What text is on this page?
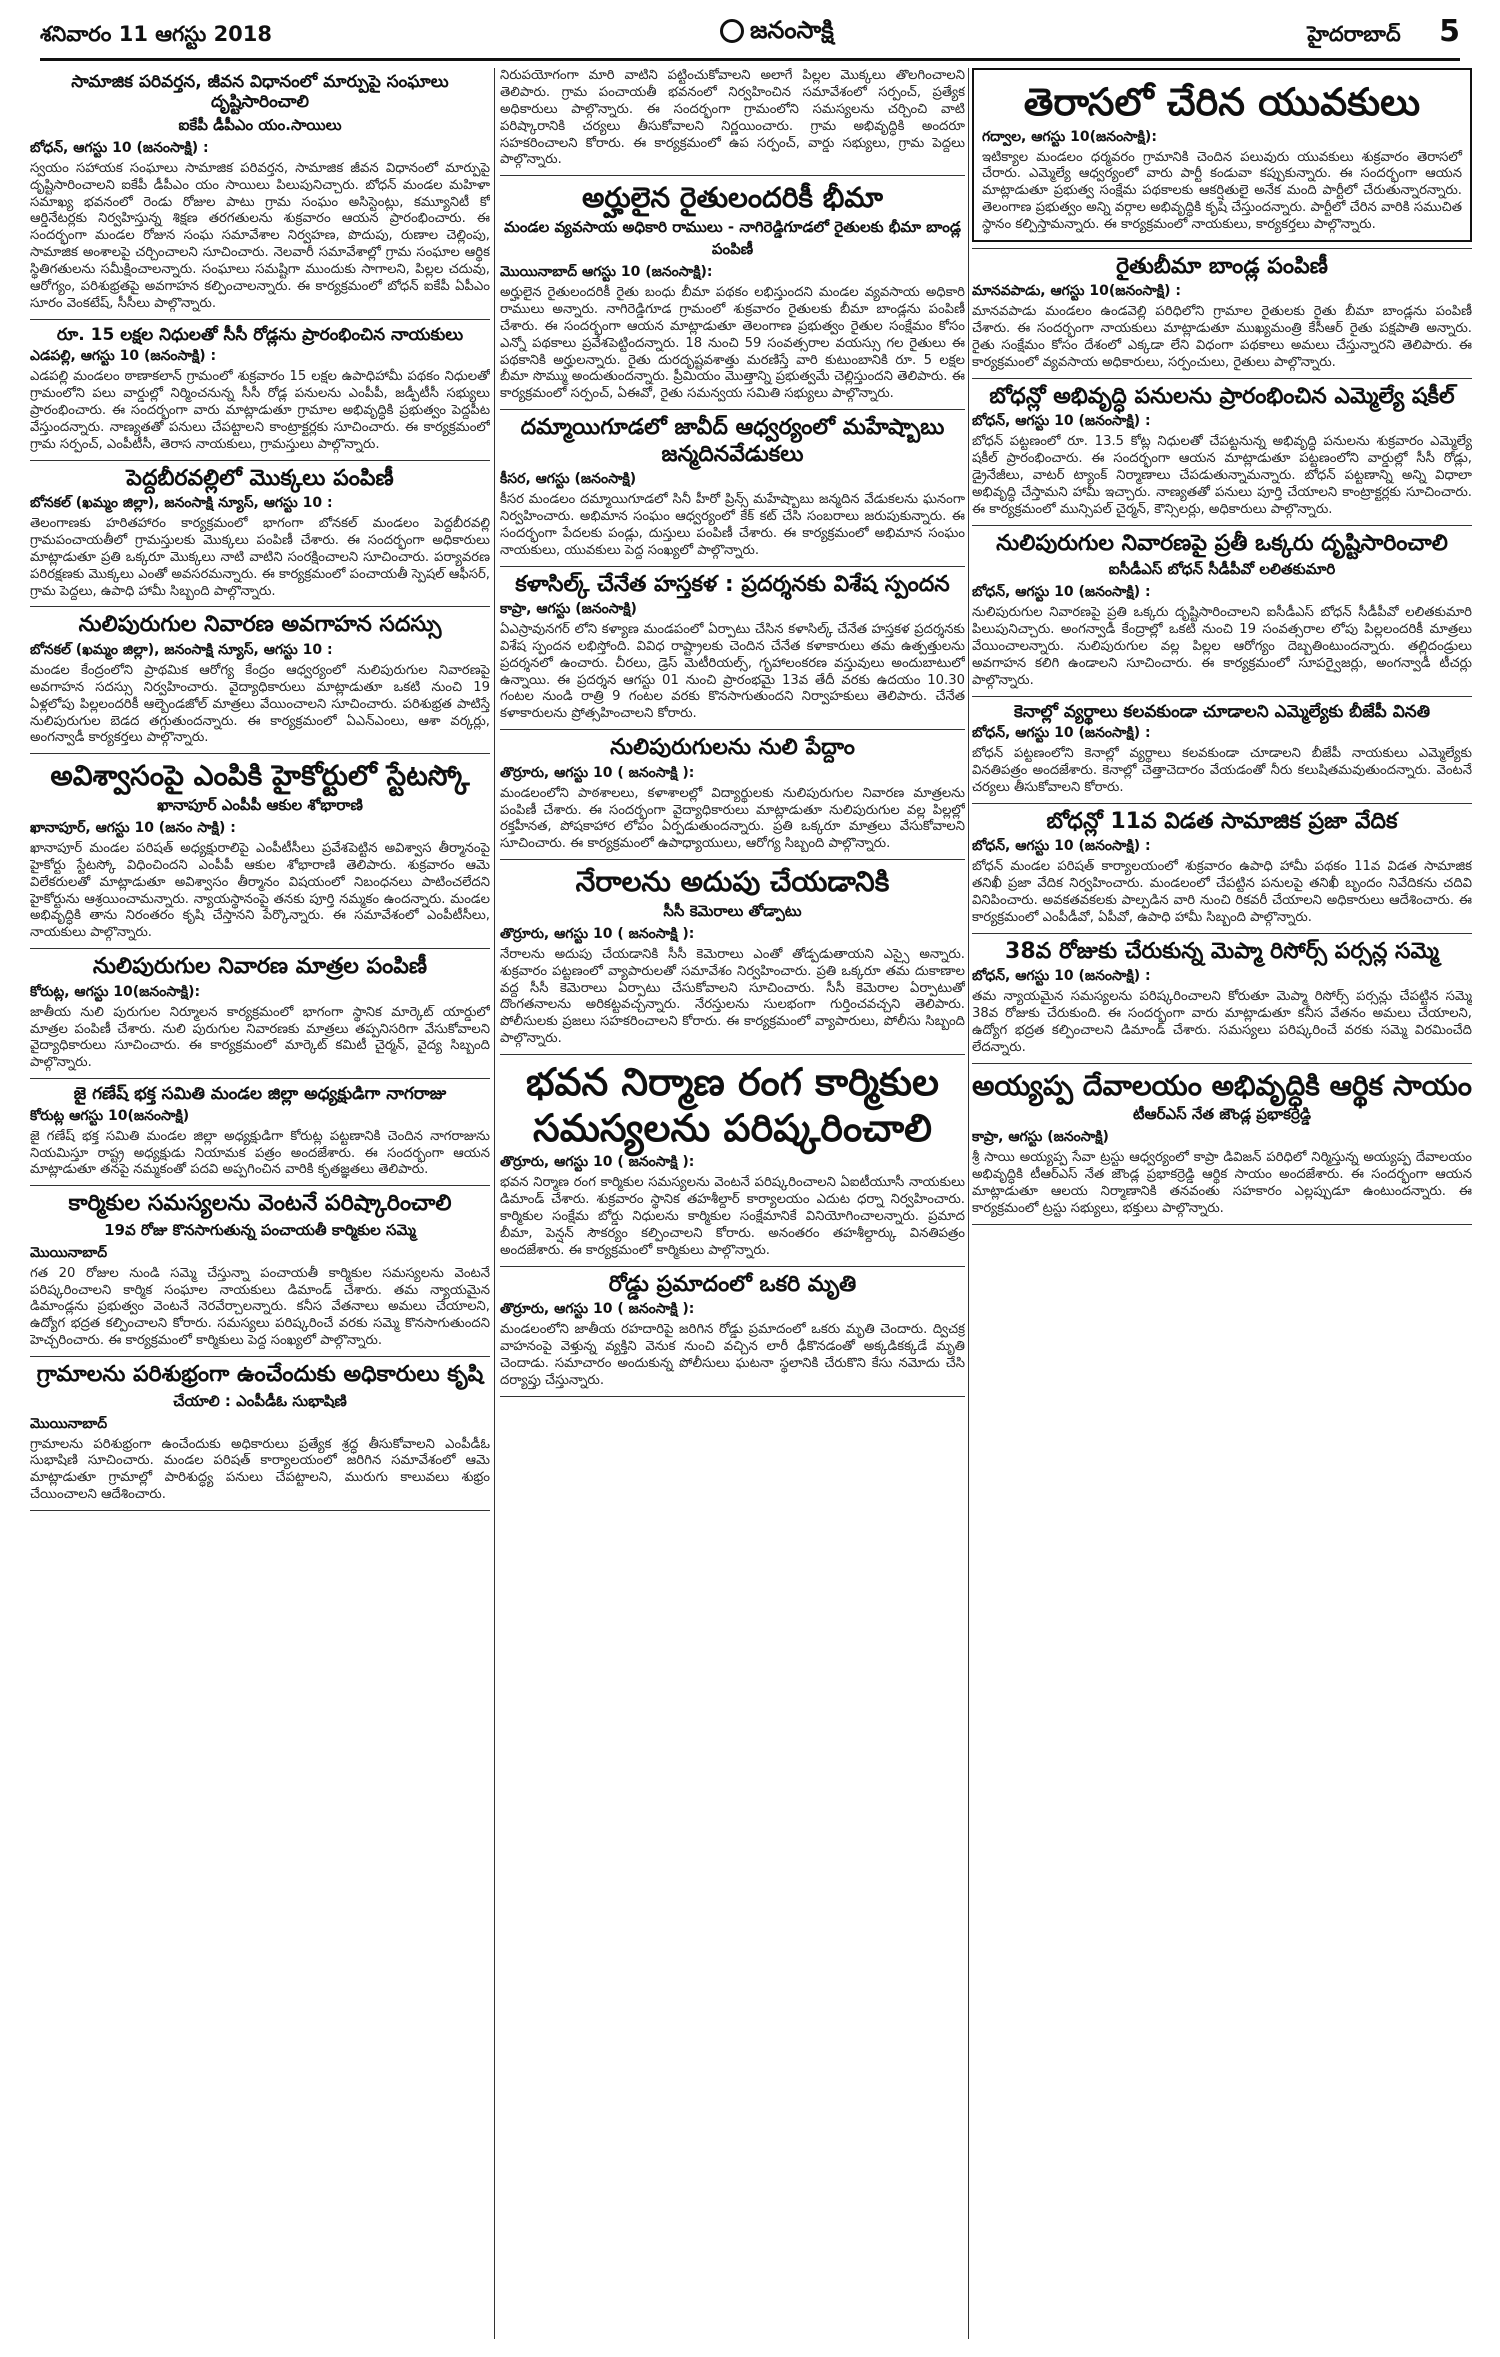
శనివారం 11 ఆగస్టు 2018	జనంసాక్షి	హైదరాబాద్	5
సామాజిక పరివర్తన, జీవన విధానంలో మార్పుపై సంఘాలు దృష్టిసారించాలి
ఐకేపీ డీపీఎం యం.సాయిలు
బోధన్, ఆగస్టు 10 (జనంసాక్షి) :

స్వయం సహాయక సంఘాలు సామాజిక పరివర్తన, సామాజిక జీవన విధానంలో మార్పుపై దృష్టిసారించాలని ఐకేపీ డీపీఎం యం సాయిలు పిలుపునిచ్చారు. బోధన్ మండల మహిళా సమాఖ్య భవనంలో రెండు రోజుల పాటు గ్రామ సంఘం అసిస్టెంట్లు, కమ్యూనిటీ కో ఆర్డినేటర్లకు నిర్వహిస్తున్న శిక్షణ తరగతులను శుక్రవారం ఆయన ప్రారంభించారు. ఈ సందర్భంగా మండల రోజున సంఘ సమావేశాల నిర్వహణ, పొదుపు, రుణాల చెల్లింపు, సామాజిక అంశాలపై చర్చించాలని సూచించారు. నెలవారీ సమావేశాల్లో గ్రామ సంఘాల ఆర్థిక స్థితిగతులను సమీక్షించాలన్నారు. సంఘాలు సమష్టిగా ముందుకు సాగాలని, పిల్లల చదువు, ఆరోగ్యం, పరిశుభ్రతపై అవగాహన కల్పించాలన్నారు. ఈ కార్యక్రమంలో బోధన్ ఐకేపీ ఏపీఎం సూరం వెంకటేష్, సీసీలు పాల్గొన్నారు.

రూ. 15 లక్షల నిధులతో సీసీ రోడ్లను ప్రారంభించిన నాయకులు
ఎడపల్లి, ఆగస్టు 10 (జనంసాక్షి) :

ఎడపల్లి మండలం ఠాణాకలాన్ గ్రామంలో శుక్రవారం 15 లక్షల ఉపాధిహామీ పథకం నిధులతో గ్రామంలోని పలు వార్డుల్లో నిర్మించనున్న సీసీ రోడ్ల పనులను ఎంపీపీ, జడ్పీటీసీ సభ్యులు ప్రారంభించారు. ఈ సందర్భంగా వారు మాట్లాడుతూ గ్రామాల అభివృద్ధికి ప్రభుత్వం పెద్దపీట వేస్తుందన్నారు. నాణ్యతతో పనులు చేపట్టాలని కాంట్రాక్టర్లకు సూచించారు. ఈ కార్యక్రమంలో గ్రామ సర్పంచ్, ఎంపీటీసీ, తెరాస నాయకులు, గ్రామస్తులు పాల్గొన్నారు.

పెద్దబీరవల్లిలో మొక్కలు పంపిణీ
బోనకల్ (ఖమ్మం జిల్లా), జనంసాక్షి న్యూస్, ఆగస్టు 10 :

తెలంగాణకు హరితహారం కార్యక్రమంలో భాగంగా బోనకల్ మండలం పెద్దబీరవల్లి గ్రామపంచాయతీలో గ్రామస్తులకు మొక్కలు పంపిణీ చేశారు. ఈ సందర్భంగా అధికారులు మాట్లాడుతూ ప్రతి ఒక్కరూ మొక్కలు నాటి వాటిని సంరక్షించాలని సూచించారు. పర్యావరణ పరిరక్షణకు మొక్కలు ఎంతో అవసరమన్నారు. ఈ కార్యక్రమంలో పంచాయతీ స్పెషల్ ఆఫీసర్, గ్రామ పెద్దలు, ఉపాధి హామీ సిబ్బంది పాల్గొన్నారు.

నులిపురుగుల నివారణ అవగాహన సదస్సు
బోనకల్ (ఖమ్మం జిల్లా), జనంసాక్షి న్యూస్, ఆగస్టు 10 :

మండల కేంద్రంలోని ప్రాథమిక ఆరోగ్య కేంద్రం ఆధ్వర్యంలో నులిపురుగుల నివారణపై అవగాహన సదస్సు నిర్వహించారు. వైద్యాధికారులు మాట్లాడుతూ ఒకటి నుంచి 19 ఏళ్లలోపు పిల్లలందరికీ ఆల్బెండజోల్ మాత్రలు వేయించాలని సూచించారు. పరిశుభ్రత పాటిస్తే నులిపురుగుల బెడద తగ్గుతుందన్నారు. ఈ కార్యక్రమంలో ఏఎన్ఎంలు, ఆశా వర్కర్లు, అంగన్వాడీ కార్యకర్తలు పాల్గొన్నారు.

అవిశ్వాసంపై ఎంపికి హైకోర్టులో స్టేటస్కో
ఖానాపూర్ ఎంపీపీ ఆకుల శోభారాణి
ఖానాపూర్, ఆగస్టు 10 (జనం సాక్షి) :

ఖానాపూర్ మండల పరిషత్ అధ్యక్షురాలిపై ఎంపీటీసీలు ప్రవేశపెట్టిన అవిశ్వాస తీర్మానంపై హైకోర్టు స్టేటస్కో విధించిందని ఎంపీపీ ఆకుల శోభారాణి తెలిపారు. శుక్రవారం ఆమె విలేకరులతో మాట్లాడుతూ అవిశ్వాసం తీర్మానం విషయంలో నిబంధనలు పాటించలేదని హైకోర్టును ఆశ్రయించామన్నారు. న్యాయస్థానంపై తనకు పూర్తి నమ్మకం ఉందన్నారు. మండల అభివృద్ధికి తాను నిరంతరం కృషి చేస్తానని పేర్కొన్నారు. ఈ సమావేశంలో ఎంపీటీసీలు, నాయకులు పాల్గొన్నారు.

నులిపురుగుల నివారణ మాత్రల పంపిణీ
కోరుట్ల, ఆగస్టు 10(జనంసాక్షి):

జాతీయ నులి పురుగుల నిర్మూలన కార్యక్రమంలో భాగంగా స్థానిక మార్కెట్ యార్డులో మాత్రల పంపిణీ చేశారు. నులి పురుగుల నివారణకు మాత్రలు తప్పనిసరిగా వేసుకోవాలని వైద్యాధికారులు సూచించారు. ఈ కార్యక్రమంలో మార్కెట్ కమిటీ చైర్మన్, వైద్య సిబ్బంది పాల్గొన్నారు.

జై గణేష్ భక్త సమితి మండల జిల్లా అధ్యక్షుడిగా నాగరాజు
కోరుట్ల ఆగస్టు 10(జనంసాక్షి)

జై గణేష్ భక్త సమితి మండల జిల్లా అధ్యక్షుడిగా కోరుట్ల పట్టణానికి చెందిన నాగరాజును నియమిస్తూ రాష్ట్ర అధ్యక్షుడు నియామక పత్రం అందజేశారు. ఈ సందర్భంగా ఆయన మాట్లాడుతూ తనపై నమ్మకంతో పదవి అప్పగించిన వారికి కృతజ్ఞతలు తెలిపారు.

కార్మికుల సమస్యలను వెంటనే పరిష్కారించాలి
19వ రోజు కొనసాగుతున్న పంచాయతీ కార్మికుల సమ్మె
మొయినాబాద్

గత 20 రోజుల నుండి సమ్మె చేస్తున్నా పంచాయతీ కార్మికుల సమస్యలను వెంటనే పరిష్కరించాలని కార్మిక సంఘాల నాయకులు డిమాండ్ చేశారు. తమ న్యాయమైన డిమాండ్లను ప్రభుత్వం వెంటనే నెరవేర్చాలన్నారు. కనీస వేతనాలు అమలు చేయాలని, ఉద్యోగ భద్రత కల్పించాలని కోరారు. సమస్యలు పరిష్కరించే వరకు సమ్మె కొనసాగుతుందని హెచ్చరించారు. ఈ కార్యక్రమంలో కార్మికులు పెద్ద సంఖ్యలో పాల్గొన్నారు.

గ్రామాలను పరిశుభ్రంగా ఉంచేందుకు అధికారులు కృషి
చేయాలి : ఎంపీడీఓ సుభాషిణి
మొయినాబాద్

గ్రామాలను పరిశుభ్రంగా ఉంచేందుకు అధికారులు ప్రత్యేక శ్రద్ధ తీసుకోవాలని ఎంపీడీఓ సుభాషిణి సూచించారు. మండల పరిషత్ కార్యాలయంలో జరిగిన సమావేశంలో ఆమె మాట్లాడుతూ గ్రామాల్లో పారిశుద్ధ్య పనులు చేపట్టాలని, మురుగు కాలువలు శుభ్రం చేయించాలని ఆదేశించారు.

నిరుపయోగంగా మారి వాటిని పట్టించుకోవాలని అలాగే పిల్లల మొక్కలు తొలగించాలని తెలిపారు. గ్రామ పంచాయతీ భవనంలో నిర్వహించిన సమావేశంలో సర్పంచ్, ప్రత్యేక అధికారులు పాల్గొన్నారు. ఈ సందర్భంగా గ్రామంలోని సమస్యలను చర్చించి వాటి పరిష్కారానికి చర్యలు తీసుకోవాలని నిర్ణయించారు. గ్రామ అభివృద్ధికి అందరూ సహకరించాలని కోరారు. ఈ కార్యక్రమంలో ఉప సర్పంచ్, వార్డు సభ్యులు, గ్రామ పెద్దలు పాల్గొన్నారు.

అర్హులైన రైతులందరికీ భీమా
మండల వ్యవసాయ అధికారి రాములు - నాగిరెడ్డిగూడలో రైతులకు భీమా బాండ్ల పంపిణీ
మొయినాబాద్ ఆగస్టు 10 (జనంసాక్షి):

అర్హులైన రైతులందరికీ రైతు బంధు బీమా పథకం లభిస్తుందని మండల వ్యవసాయ అధికారి రాములు అన్నారు. నాగిరెడ్డిగూడ గ్రామంలో శుక్రవారం రైతులకు బీమా బాండ్లను పంపిణీ చేశారు. ఈ సందర్భంగా ఆయన మాట్లాడుతూ తెలంగాణ ప్రభుత్వం రైతుల సంక్షేమం కోసం ఎన్నో పథకాలు ప్రవేశపెట్టిందన్నారు. 18 నుంచి 59 సంవత్సరాల వయస్సు గల రైతులు ఈ పథకానికి అర్హులన్నారు. రైతు దురదృష్టవశాత్తు మరణిస్తే వారి కుటుంబానికి రూ. 5 లక్షల బీమా సొమ్ము అందుతుందన్నారు. ప్రీమియం మొత్తాన్ని ప్రభుత్వమే చెల్లిస్తుందని తెలిపారు. ఈ కార్యక్రమంలో సర్పంచ్, ఏఈవో, రైతు సమన్వయ సమితి సభ్యులు పాల్గొన్నారు.

దమ్మాయిగూడలో జావీద్ ఆధ్వర్యంలో మహేష్బాబు జన్మదినవేడుకలు
కీసర, ఆగస్టు (జనంసాక్షి)

కీసర మండలం దమ్మాయిగూడలో సినీ హీరో ప్రిన్స్ మహేష్బాబు జన్మదిన వేడుకలను ఘనంగా నిర్వహించారు. అభిమాన సంఘం ఆధ్వర్యంలో కేక్ కట్ చేసి సంబరాలు జరుపుకున్నారు. ఈ సందర్భంగా పేదలకు పండ్లు, దుస్తులు పంపిణీ చేశారు. ఈ కార్యక్రమంలో అభిమాన సంఘం నాయకులు, యువకులు పెద్ద సంఖ్యలో పాల్గొన్నారు.

కళాసిల్క్ చేనేత హస్తకళ : ప్రదర్శనకు విశేష స్పందన
కాప్రా, ఆగస్టు (జనంసాక్షి)

ఏఎస్రావునగర్ లోని కళ్యాణ మండపంలో ఏర్పాటు చేసిన కళాసిల్క్ చేనేత హస్తకళ ప్రదర్శనకు విశేష స్పందన లభిస్తోంది. వివిధ రాష్ట్రాలకు చెందిన చేనేత కళాకారులు తమ ఉత్పత్తులను ప్రదర్శనలో ఉంచారు. చీరలు, డ్రెస్ మెటీరియల్స్, గృహాలంకరణ వస్తువులు అందుబాటులో ఉన్నాయి. ఈ ప్రదర్శన ఆగస్టు 01 నుంచి ప్రారంభమై 13వ తేదీ వరకు ఉదయం 10.30 గంటల నుండి రాత్రి 9 గంటల వరకు కొనసాగుతుందని నిర్వాహకులు తెలిపారు. చేనేత కళాకారులను ప్రోత్సహించాలని కోరారు.

నులిపురుగులను నులి పేద్దాం
తొర్రూరు, ఆగస్టు 10 ( జనంసాక్షి ):

మండలంలోని పాఠశాలలు, కళాశాలల్లో విద్యార్థులకు నులిపురుగుల నివారణ మాత్రలను పంపిణీ చేశారు. ఈ సందర్భంగా వైద్యాధికారులు మాట్లాడుతూ నులిపురుగుల వల్ల పిల్లల్లో రక్తహీనత, పోషకాహార లోపం ఏర్పడుతుందన్నారు. ప్రతి ఒక్కరూ మాత్రలు వేసుకోవాలని సూచించారు. ఈ కార్యక్రమంలో ఉపాధ్యాయులు, ఆరోగ్య సిబ్బంది పాల్గొన్నారు.

నేరాలను అదుపు చేయడానికి
సీసీ కెమెరాలు తోడ్పాటు
తొర్రూరు, ఆగస్టు 10 ( జనంసాక్షి ):

నేరాలను అదుపు చేయడానికి సీసీ కెమెరాలు ఎంతో తోడ్పడుతాయని ఎస్సై అన్నారు. శుక్రవారం పట్టణంలో వ్యాపారులతో సమావేశం నిర్వహించారు. ప్రతి ఒక్కరూ తమ దుకాణాల వద్ద సీసీ కెమెరాలు ఏర్పాటు చేసుకోవాలని సూచించారు. సీసీ కెమెరాల ఏర్పాటుతో దొంగతనాలను అరికట్టవచ్చన్నారు. నేరస్తులను సులభంగా గుర్తించవచ్చని తెలిపారు. పోలీసులకు ప్రజలు సహకరించాలని కోరారు. ఈ కార్యక్రమంలో వ్యాపారులు, పోలీసు సిబ్బంది పాల్గొన్నారు.

భవన నిర్మాణ రంగ కార్మికుల సమస్యలను పరిష్కరించాలి
తొర్రూరు, ఆగస్టు 10 ( జనంసాక్షి ):

భవన నిర్మాణ రంగ కార్మికుల సమస్యలను వెంటనే పరిష్కరించాలని ఏఐటీయూసీ నాయకులు డిమాండ్ చేశారు. శుక్రవారం స్థానిక తహశీల్దార్ కార్యాలయం ఎదుట ధర్నా నిర్వహించారు. కార్మికుల సంక్షేమ బోర్డు నిధులను కార్మికుల సంక్షేమానికే వినియోగించాలన్నారు. ప్రమాద బీమా, పెన్షన్ సౌకర్యం కల్పించాలని కోరారు. అనంతరం తహశీల్దార్కు వినతిపత్రం అందజేశారు. ఈ కార్యక్రమంలో కార్మికులు పాల్గొన్నారు.

రోడ్డు ప్రమాదంలో ఒకరి మృతి
తొర్రూరు, ఆగస్టు 10 ( జనంసాక్షి ):

మండలంలోని జాతీయ రహదారిపై జరిగిన రోడ్డు ప్రమాదంలో ఒకరు మృతి చెందారు. ద్విచక్ర వాహనంపై వెళ్తున్న వ్యక్తిని వెనుక నుంచి వచ్చిన లారీ ఢీకొనడంతో అక్కడికక్కడే మృతి చెందాడు. సమాచారం అందుకున్న పోలీసులు ఘటనా స్థలానికి చేరుకొని కేసు నమోదు చేసి దర్యాప్తు చేస్తున్నారు.

తెరాసలో చేరిన యువకులు
గద్వాల, ఆగస్టు 10(జనంసాక్షి):

ఇటిక్యాల మండలం ధర్మవరం గ్రామానికి చెందిన పలువురు యువకులు శుక్రవారం తెరాసలో చేరారు. ఎమ్మెల్యే ఆధ్వర్యంలో వారు పార్టీ కండువా కప్పుకున్నారు. ఈ సందర్భంగా ఆయన మాట్లాడుతూ ప్రభుత్వ సంక్షేమ పథకాలకు ఆకర్షితులై అనేక మంది పార్టీలో చేరుతున్నారన్నారు. తెలంగాణ ప్రభుత్వం అన్ని వర్గాల అభివృద్ధికి కృషి చేస్తుందన్నారు. పార్టీలో చేరిన వారికి సముచిత స్థానం కల్పిస్తామన్నారు. ఈ కార్యక్రమంలో నాయకులు, కార్యకర్తలు పాల్గొన్నారు.

రైతుబీమా బాండ్ల పంపిణీ
మానవపాడు, ఆగస్టు 10(జనంసాక్షి) :

మానవపాడు మండలం ఉండవెల్లి పరిధిలోని గ్రామాల రైతులకు రైతు బీమా బాండ్లను పంపిణీ చేశారు. ఈ సందర్భంగా నాయకులు మాట్లాడుతూ ముఖ్యమంత్రి కేసీఆర్ రైతు పక్షపాతి అన్నారు. రైతు సంక్షేమం కోసం దేశంలో ఎక్కడా లేని విధంగా పథకాలు అమలు చేస్తున్నారని తెలిపారు. ఈ కార్యక్రమంలో వ్యవసాయ అధికారులు, సర్పంచులు, రైతులు పాల్గొన్నారు.

బోధన్లో అభివృద్ధి పనులను ప్రారంభించిన ఎమ్మెల్యే షకీల్
బోధన్, ఆగస్టు 10 (జనంసాక్షి) :

బోధన్ పట్టణంలో రూ. 13.5 కోట్ల నిధులతో చేపట్టనున్న అభివృద్ధి పనులను శుక్రవారం ఎమ్మెల్యే షకీల్ ప్రారంభించారు. ఈ సందర్భంగా ఆయన మాట్లాడుతూ పట్టణంలోని వార్డుల్లో సీసీ రోడ్లు, డ్రైనేజీలు, వాటర్ ట్యాంక్ నిర్మాణాలు చేపడుతున్నామన్నారు. బోధన్ పట్టణాన్ని అన్ని విధాలా అభివృద్ధి చేస్తామని హామీ ఇచ్చారు. నాణ్యతతో పనులు పూర్తి చేయాలని కాంట్రాక్టర్లకు సూచించారు. ఈ కార్యక్రమంలో మున్సిపల్ చైర్మన్, కౌన్సిలర్లు, అధికారులు పాల్గొన్నారు.

నులిపురుగుల నివారణపై ప్రతీ ఒక్కరు దృష్టిసారించాలి
ఐసీడీఎస్ బోధన్ సీడీపీవో లలితకుమారి
బోధన్, ఆగస్టు 10 (జనంసాక్షి) :

నులిపురుగుల నివారణపై ప్రతి ఒక్కరు దృష్టిసారించాలని ఐసీడీఎస్ బోధన్ సీడీపీవో లలితకుమారి పిలుపునిచ్చారు. అంగన్వాడీ కేంద్రాల్లో ఒకటి నుంచి 19 సంవత్సరాల లోపు పిల్లలందరికీ మాత్రలు వేయించాలన్నారు. నులిపురుగుల వల్ల పిల్లల ఆరోగ్యం దెబ్బతింటుందన్నారు. తల్లిదండ్రులు అవగాహన కలిగి ఉండాలని సూచించారు. ఈ కార్యక్రమంలో సూపర్వైజర్లు, అంగన్వాడీ టీచర్లు పాల్గొన్నారు.

కెనాల్లో వ్యర్థాలు కలవకుండా చూడాలని ఎమ్మెల్యేకు బీజేపీ వినతి
బోధన్, ఆగస్టు 10 (జనంసాక్షి) :

బోధన్ పట్టణంలోని కెనాల్లో వ్యర్థాలు కలవకుండా చూడాలని బీజేపీ నాయకులు ఎమ్మెల్యేకు వినతిపత్రం అందజేశారు. కెనాల్లో చెత్తాచెదారం వేయడంతో నీరు కలుషితమవుతుందన్నారు. వెంటనే చర్యలు తీసుకోవాలని కోరారు.

బోధన్లో 11వ విడత సామాజిక ప్రజా వేదిక
బోధన్, ఆగస్టు 10 (జనంసాక్షి) :

బోధన్ మండల పరిషత్ కార్యాలయంలో శుక్రవారం ఉపాధి హామీ పథకం 11వ విడత సామాజిక తనిఖీ ప్రజా వేదిక నిర్వహించారు. మండలంలో చేపట్టిన పనులపై తనిఖీ బృందం నివేదికను చదివి వినిపించారు. అవకతవకలకు పాల్పడిన వారి నుంచి రికవరీ చేయాలని అధికారులు ఆదేశించారు. ఈ కార్యక్రమంలో ఎంపీడీవో, ఏపీవో, ఉపాధి హామీ సిబ్బంది పాల్గొన్నారు.

38వ రోజుకు చేరుకున్న మెప్మా రిసోర్స్ పర్సన్ల సమ్మె
బోధన్, ఆగస్టు 10 (జనంసాక్షి) :

తమ న్యాయమైన సమస్యలను పరిష్కరించాలని కోరుతూ మెప్మా రిసోర్స్ పర్సన్లు చేపట్టిన సమ్మె 38వ రోజుకు చేరుకుంది. ఈ సందర్భంగా వారు మాట్లాడుతూ కనీస వేతనం అమలు చేయాలని, ఉద్యోగ భద్రత కల్పించాలని డిమాండ్ చేశారు. సమస్యలు పరిష్కరించే వరకు సమ్మె విరమించేది లేదన్నారు.

అయ్యప్ప దేవాలయం అభివృద్ధికి ఆర్థిక సాయం
టీఆర్ఎస్ నేత జౌండ్ల ప్రభాకర్రెడ్డి
కాప్రా, ఆగస్టు (జనంసాక్షి)

శ్రీ సాయి అయ్యప్ప సేవా ట్రస్టు ఆధ్వర్యంలో కాప్రా డివిజన్ పరిధిలో నిర్మిస్తున్న అయ్యప్ప దేవాలయం అభివృద్ధికి టీఆర్ఎస్ నేత జౌండ్ల ప్రభాకర్రెడ్డి ఆర్థిక సాయం అందజేశారు. ఈ సందర్భంగా ఆయన మాట్లాడుతూ ఆలయ నిర్మాణానికి తనవంతు సహకారం ఎల్లప్పుడూ ఉంటుందన్నారు. ఈ కార్యక్రమంలో ట్రస్టు సభ్యులు, భక్తులు పాల్గొన్నారు.
